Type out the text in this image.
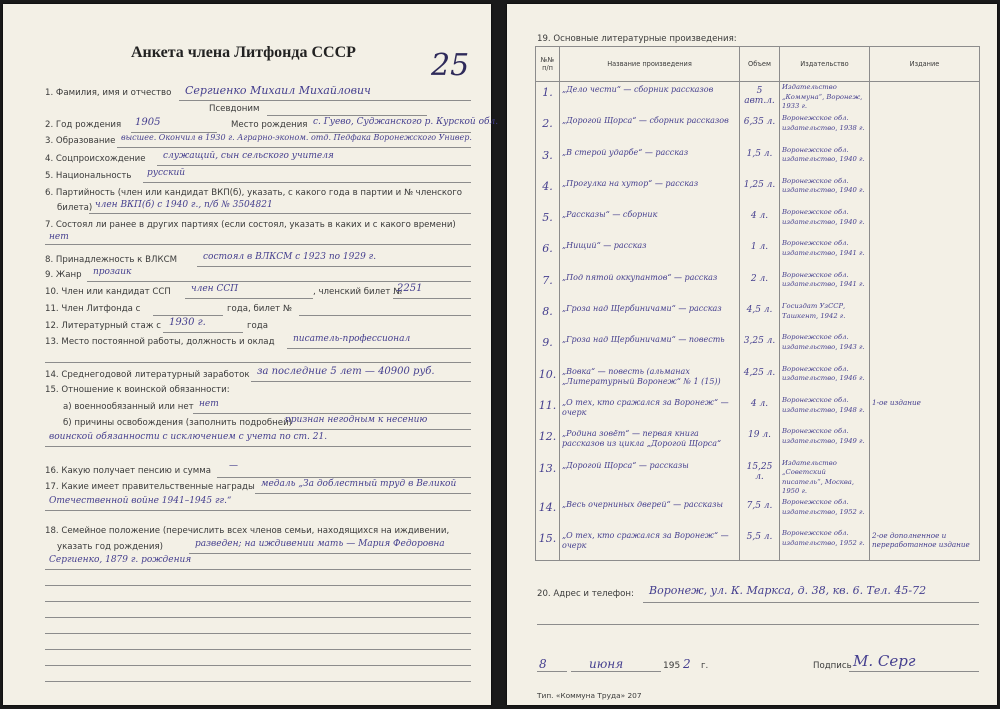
Анкета члена Литфонда СССР	25
1. Фамилия, имя и отчество Сергиенко Михаил Михайлович
Псевдоним
2. Год рождения 1905	Место рождения с. Гуево, Суджанского р. Курской обл.
3. Образование высшее. Окончил в 1930 г. Аграрно-эконом. отд. Педфака Воронежского Универ.
4. Соцпроисхождение служащий, сын сельского учителя
5. Национальность русский
6. Партийность (член или кандидат ВКП(б), указать, с какого года в партии и № членского
билета) член ВКП(б) с 1940 г., п/б № 3504821
7. Состоял ли ранее в других партиях (если состоял, указать в каких и с какого времени)
нет
8. Принадлежность к ВЛКСМ	состоял в ВЛКСМ с 1923 по 1929 г.
9. Жанр прозаик
10. Член или кандидат ССП член ССП	, членский билет №
2251
11. Член Литфонда с	года, билет №
12. Литературный стаж с 1930 г.	года
13. Место постоянной работы, должность и оклад писатель-профессионал
14. Среднегодовой литературный заработок за последние 5 лет — 40900 руб.
15. Отношение к воинской обязанности:
а) военнообязанный или нет нет
б) причины освобождения (заполнить подробней)
признан негодным к несению
воинской обязанности с исключением с учета по ст. 21.
16. Какую получает пенсию и сумма —
17. Какие имеет правительственные награды медаль „За доблестный труд в Великой
Отечественной войне 1941–1945 гг.“
18. Семейное положение (перечислить всех членов семьи, находящихся на иждивении,
указать год рождения)	разведен; на иждивении мать — Мария Федоровна
Сергиенко, 1879 г. рождения
19. Основные литературные произведения:
№№ п/п	Название произведения	Объем	Издательство	Издание

1.	„Дело чести“ — сборник рассказов	5 авт.л.	Издательство „Коммуна“, Воронеж, 1933 г.	

2.	„Дорогой Щорса“ — сборник рассказов	6,35 л.	Воронежское обл. издательство, 1938 г.	

3.	„В стерой ударбе“ — рассказ	1,5 л.	Воронежское обл. издательство, 1940 г.	

4.	„Прогулка на хутор“ — рассказ	1,25 л.	Воронежское обл. издательство, 1940 г.	

5.	„Рассказы“ — сборник	4 л.	Воронежское обл. издательство, 1940 г.	

6.	„Нищий“ — рассказ	1 л.	Воронежское обл. издательство, 1941 г.	

7.	„Под пятой оккупантов“ — рассказ	2 л.	Воронежское обл. издательство, 1941 г.	

8.	„Гроза над Щербиничами“ — рассказ	4,5 л.	Госиздат УзССР, Ташкент, 1942 г.	

9.	„Гроза над Щербиничами“ — повесть	3,25 л.	Воронежское обл. издательство, 1943 г.	

10.	„Вовка“ — повесть (альманах „Литературный Воронеж“ № 1 (15))	4,25 л.	Воронежское обл. издательство, 1946 г.	

11.	„О тех, кто сражался за Воронеж“ — очерк	4 л.	Воронежское обл. издательство, 1948 г.	1-ое издание

12.	„Родина зовёт“ — первая книга рассказов из цикла „Дорогой Щорса“	19 л.	Воронежское обл. издательство, 1949 г.	

13.	„Дорогой Щорса“ — рассказы	15,25 л.	Издательство „Советский писатель“, Москва, 1950 г.	

14.	„Весь очерниных дверей“ — рассказы	7,5 л.	Воронежское обл. издательство, 1952 г.	

15.	„О тех, кто сражался за Воронеж“ — очерк	5,5 л.	Воронежское обл. издательство, 1952 г.	2-ое дополненное и переработанное издание
20. Адрес и телефон: Воронеж, ул. К. Маркса, д. 38, кв. 6. Тел. 45-72
8	июня	195 2 г.	Подпись М. Серг
Тип. «Коммуна Труда» 207
